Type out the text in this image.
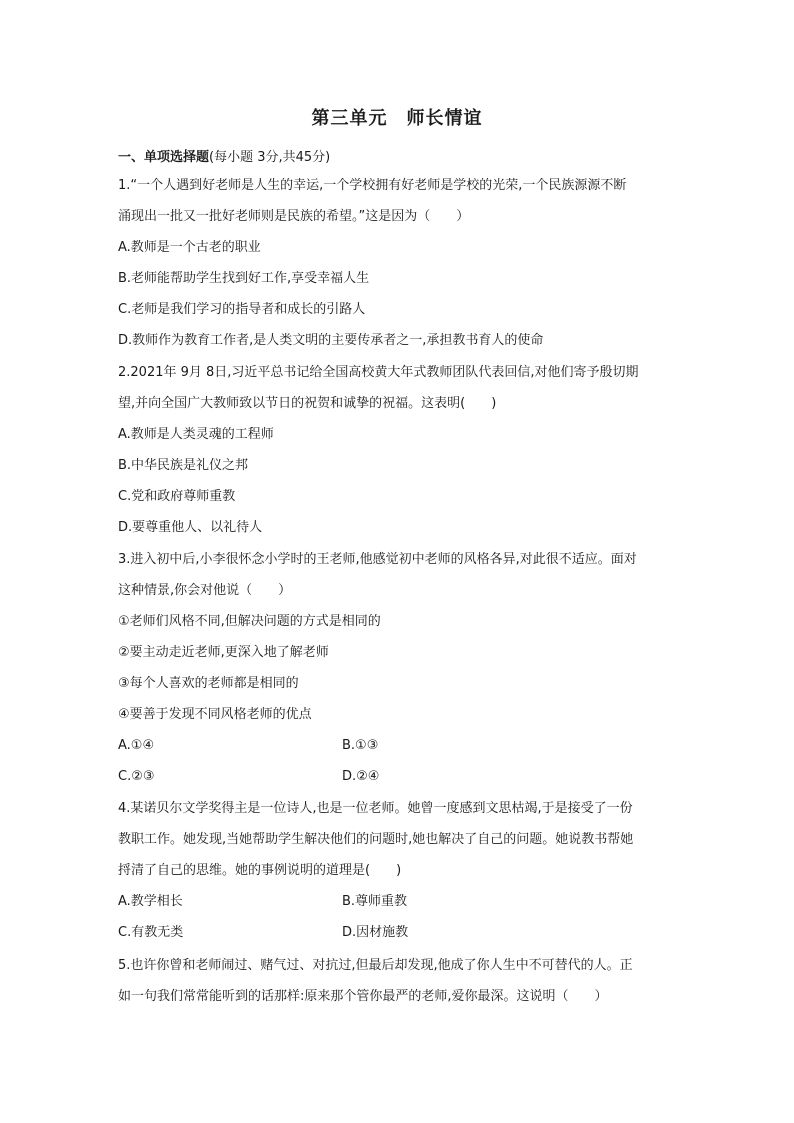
第三单元　师长情谊
一、单项选择题(每小题 3分,共45分)
1.“一个人遇到好老师是人生的幸运,一个学校拥有好老师是学校的光荣,一个民族源源不断
涌现出一批又一批好老师则是民族的希望。”这是因为（　　）
A.教师是一个古老的职业
B.老师能帮助学生找到好工作,享受幸福人生
C.老师是我们学习的指导者和成长的引路人
D.教师作为教育工作者,是人类文明的主要传承者之一,承担教书育人的使命
2.2021年 9月 8日,习近平总书记给全国高校黄大年式教师团队代表回信,对他们寄予殷切期
望,并向全国广大教师致以节日的祝贺和诚挚的祝福。这表明(　　)
A.教师是人类灵魂的工程师
B.中华民族是礼仪之邦
C.党和政府尊师重教
D.要尊重他人、以礼待人
3.进入初中后,小李很怀念小学时的王老师,他感觉初中老师的风格各异,对此很不适应。面对
这种情景,你会对他说（　　）
①老师们风格不同,但解决问题的方式是相同的
②要主动走近老师,更深入地了解老师
③每个人喜欢的老师都是相同的
④要善于发现不同风格老师的优点
A.①④	B.①③
C.②③	D.②④
4.某诺贝尔文学奖得主是一位诗人,也是一位老师。她曾一度感到文思枯竭,于是接受了一份
教职工作。她发现,当她帮助学生解决他们的问题时,她也解决了自己的问题。她说教书帮她
捋清了自己的思维。她的事例说明的道理是(　　)
A.教学相长	B.尊师重教
C.有教无类	D.因材施教
5.也许你曾和老师闹过、赌气过、对抗过,但最后却发现,他成了你人生中不可替代的人。正
如一句我们常常能听到的话那样:原来那个管你最严的老师,爱你最深。这说明（　　）
